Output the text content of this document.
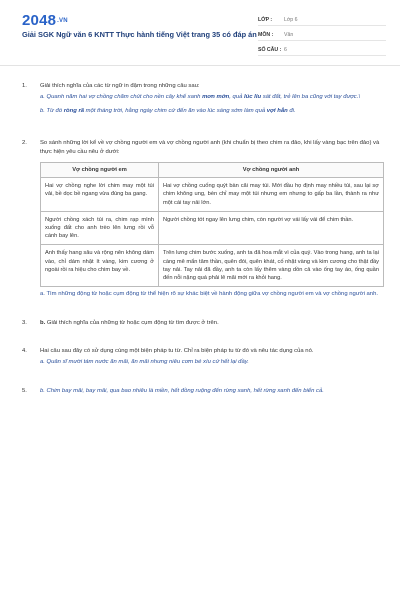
2048.VN
Giải SGK Ngữ văn 6 KNTT Thực hành tiếng Việt trang 35 có đáp án
LỚP :	Lớp 6
MÔN :	Văn
SỐ CÂU : 6
1.	Giải thích nghĩa của các từ ngữ in đậm trong những câu sau:
a. Quanh năm hai vợ chồng chăm chút cho nền cây khế xanh mơn mởn, quả lúc lỉu sát đất, trẻ lên ba cũng với tay được.\
b. Từ đó ròng rã một tháng trời, hằng ngày chim cứ đến ăn vào lúc sáng sớm làm quả vợi hẳn đi.
2.	So sánh những lời kể về vợ chồng người em và vợ chồng người anh (khi chuẩn bị theo chim ra đảo, khi lấy vàng bạc trên đảo) và thực hiện yêu cầu nêu ở dưới:
Vợ chồng người em	Vợ chồng người anh
Hai vợ chồng nghe lời chim may một túi vải, bề dọc bề ngang vừa đúng ba gang.	Hai vợ chồng cuống quýt bàn cãi may túi. Mới đầu họ định may nhiều túi, sau lại sợ chim không ung, bèn chỉ may một túi nhưng em nhưng to gấp ba lần, thành ra như một cái tay nải lớn.
Người chồng xách túi ra, chim rạp mình xuống đất cho anh trèo lên lưng rồi vỗ cánh bay lên.	Người chồng tót ngay lên lưng chim, còn người vợ vái lấy vái để chim thần.
Anh thấy hang sâu và rộng nên không dám vào, chỉ dám nhặt ít vàng, kim cương ở ngoài rồi ra hiệu cho chim bay về.	Trên lưng chim bước xuống, anh ta đã hoa mắt vì của quý. Vào trong hang, anh ta lại càng mê mẩn tâm thần, quên đói, quên khát, cố nhặt vàng và kim cương cho thật đầy tay nải. Tay nải đã đầy, anh ta còn lấy thêm vàng dồn cả vào ống tay áo, ống quần đến nỗi nặng quá phải lê mãi mới ra khỏi hang.
a. Tìm những động từ hoặc cụm động từ thể hiện rõ sự khác biệt về hành động giữa vợ chồng người em và vợ chồng người anh.
3.	b. Giải thích nghĩa của những từ hoặc cụm động từ tìm được ở trên.
4.	Hai câu sau đây có sử dụng cùng một biện pháp tu từ. Chỉ ra biện pháp tu từ đó và nêu tác dụng của nó.
a. Quân sĩ mười tám nước ăn mãi, ăn mãi nhưng niêu cơm bé xíu cứ hết lại đầy.
5.	b. Chim bay mãi, bay mãi, qua bao nhiêu là miền, hết đồng ruộng đến rừng xanh, hết rừng xanh đến biển cả.
